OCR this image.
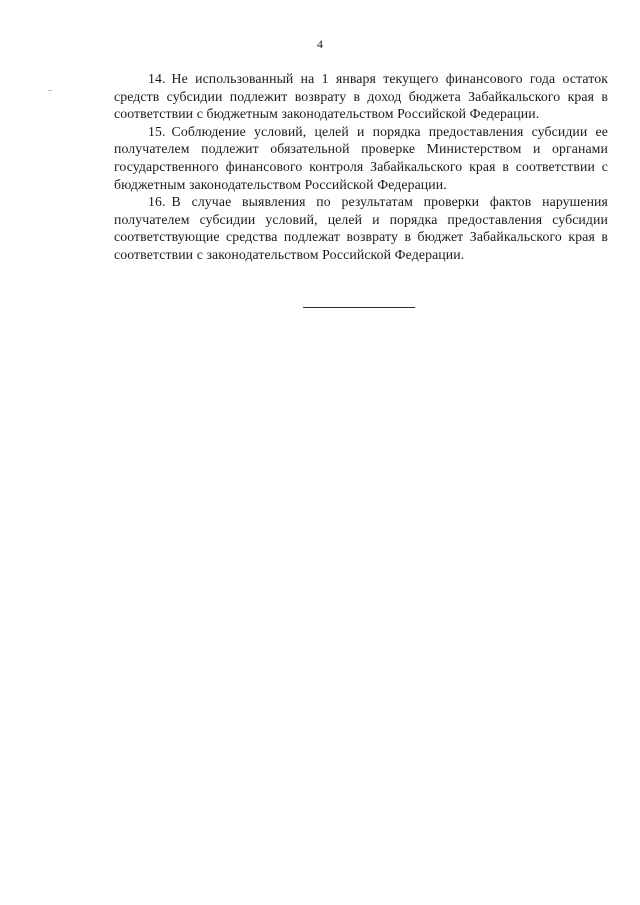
4

14. Не использованный на 1 января текущего финансового года остаток средств субсидии подлежит возврату в доход бюджета Забайкальского края в соответствии с бюджетным законодательством Российской Федерации.

15. Соблюдение условий, целей и порядка предоставления субсидии ее получателем подлежит обязательной проверке Министерством и органами государственного финансового контроля Забайкальского края в соответствии с бюджетным законодательством Российской Федерации.

16. В случае выявления по результатам проверки фактов нарушения получателем субсидии условий, целей и порядка предоставления субсидии соответствующие средства подлежат возврату в бюджет Забайкальского края в соответствии с законодательством Российской Федерации.
